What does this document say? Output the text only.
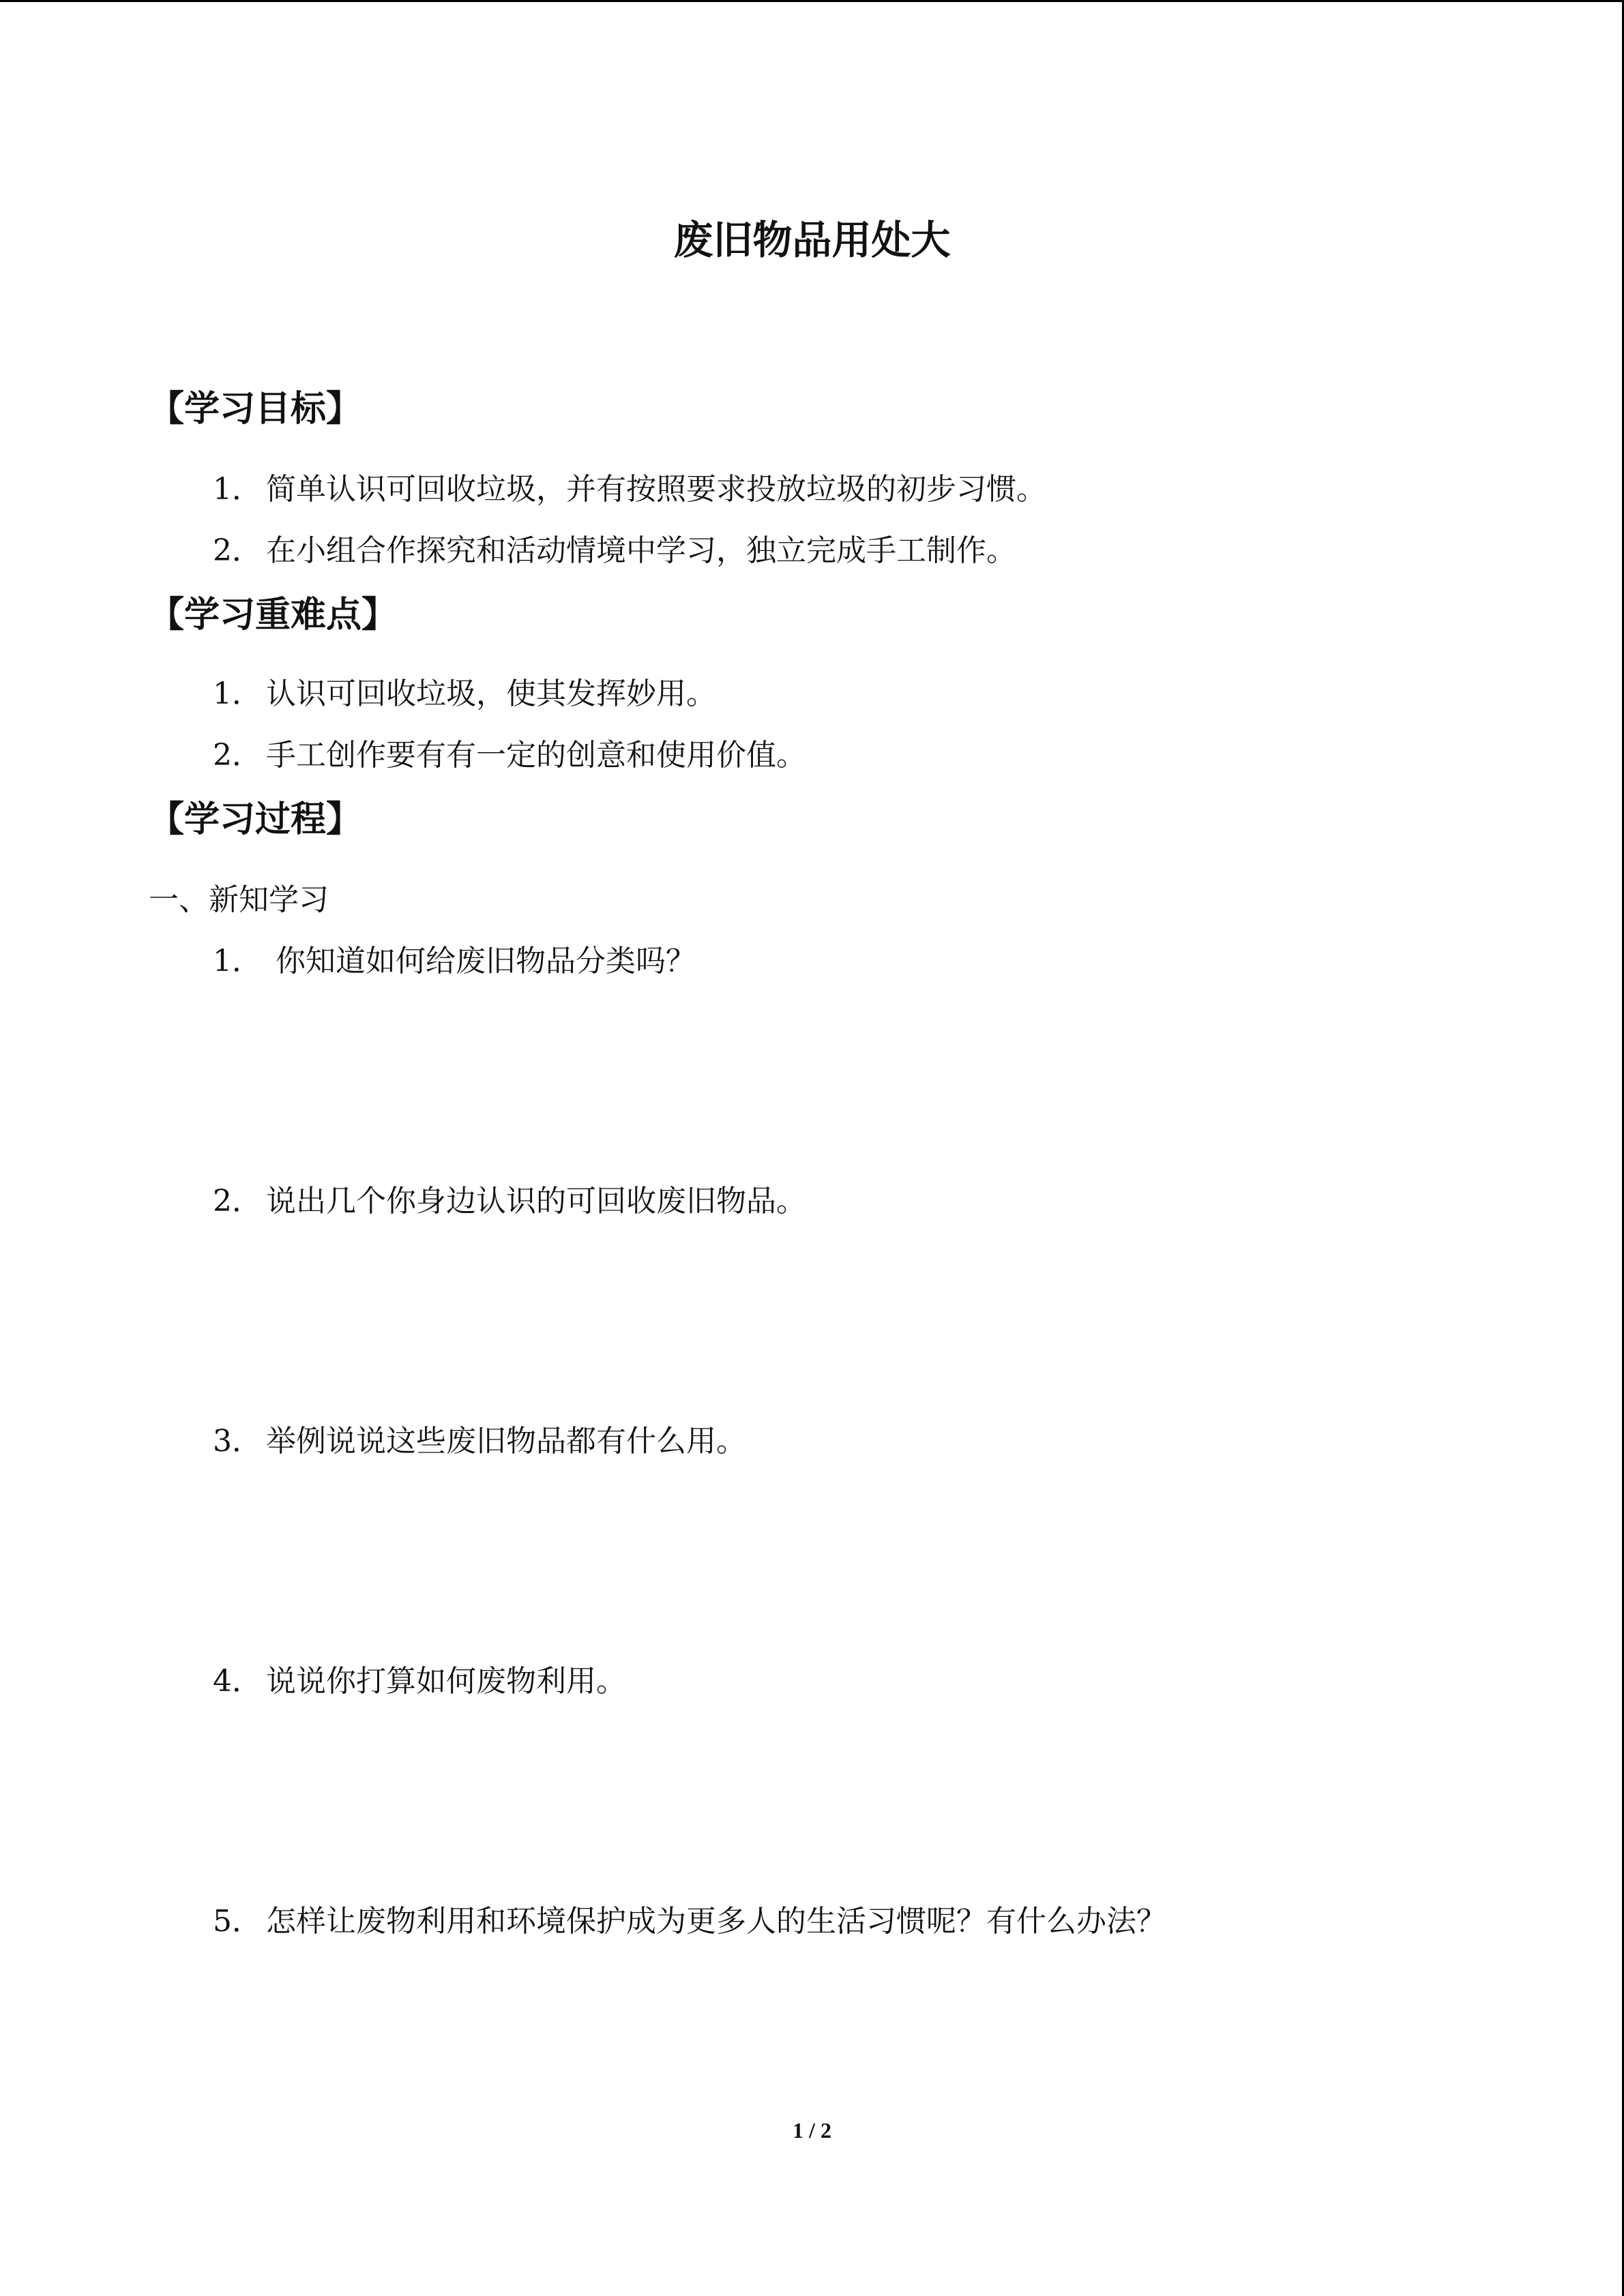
废旧物品用处大
【学习目标】
1． 简单认识可回收垃圾，并有按照要求投放垃圾的初步习惯。
2． 在小组合作探究和活动情境中学习，独立完成手工制作。
【学习重难点】
1． 认识可回收垃圾，使其发挥妙用。
2． 手工创作要有有一定的创意和使用价值。
【学习过程】
一、新知学习
1． 你知道如何给废旧物品分类吗？
2． 说出几个你身边认识的可回收废旧物品。
3． 举例说说这些废旧物品都有什么用。
4． 说说你打算如何废物利用。
5． 怎样让废物利用和环境保护成为更多人的生活习惯呢？有什么办法？
1 / 2
